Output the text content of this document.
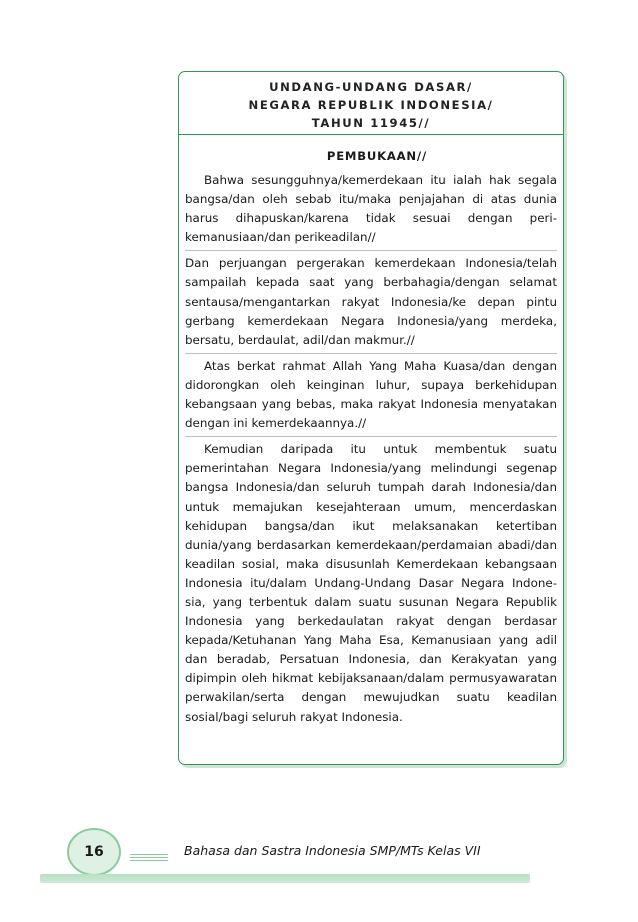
UNDANG-UNDANG DASAR/
NEGARA REPUBLIK INDONESIA/
TAHUN 11945//
PEMBUKAAN//

Bahwa sesungguhnya/kemerdekaan itu ialah hak segala bangsa/dan oleh sebab itu/maka penjajahan di atas dunia harus dihapuskan/karena tidak sesuai dengan peri-kemanusiaan/dan perikeadilan//

Dan perjuangan pergerakan kemerdekaan Indonesia/telah sampailah kepada saat yang berbahagia/dengan selamat sentausa/mengantarkan rakyat Indonesia/ke depan pintu gerbang kemerdekaan Negara Indonesia/yang merdeka, bersatu, berdaulat, adil/dan makmur.//

Atas berkat rahmat Allah Yang Maha Kuasa/dan dengan didorongkan oleh keinginan luhur, supaya berkehidupan kebangsaan yang bebas, maka rakyat Indonesia menyatakan dengan ini kemerdekaannya.//

Kemudian daripada itu untuk membentuk suatu pemerintahan Negara Indonesia/yang melindungi segenap bangsa Indonesia/dan seluruh tumpah darah Indonesia/dan untuk memajukan kesejahteraan umum, mencerdaskan kehidupan bangsa/dan ikut melaksanakan ketertiban dunia/yang berdasarkan kemerdekaan/perdamaian abadi/dan keadilan sosial, maka disusunlah Kemerdekaan kebangsaan Indonesia itu/dalam Undang-Undang Dasar Negara Indone-sia, yang terbentuk dalam suatu susunan Negara Republik Indonesia yang berkedaulatan rakyat dengan berdasar kepada/Ketuhanan Yang Maha Esa, Kemanusiaan yang adil dan beradab, Persatuan Indonesia, dan Kerakyatan yang dipimpin oleh hikmat kebijaksanaan/dalam permusyawaratan perwakilan/serta dengan mewujudkan suatu keadilan sosial/bagi seluruh rakyat Indonesia.

16	Bahasa dan Sastra Indonesia SMP/MTs Kelas VII
